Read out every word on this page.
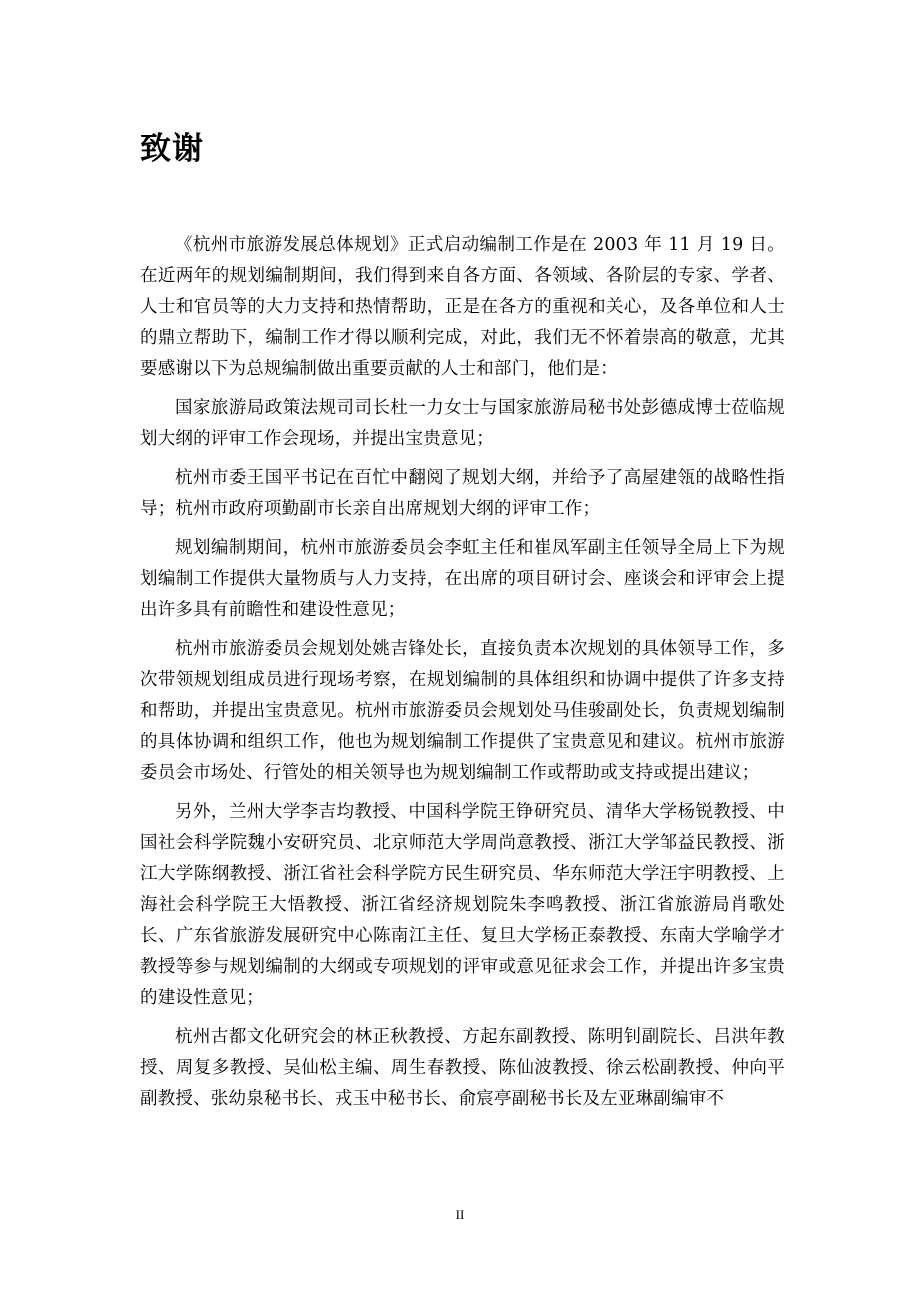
致谢

《杭州市旅游发展总体规划》正式启动编制工作是在 2003 年 11 月 19 日。在近两年的规划编制期间，我们得到来自各方面、各领域、各阶层的专家、学者、人士和官员等的大力支持和热情帮助，正是在各方的重视和关心，及各单位和人士的鼎立帮助下，编制工作才得以顺利完成，对此，我们无不怀着崇高的敬意，尤其要感谢以下为总规编制做出重要贡献的人士和部门，他们是：

国家旅游局政策法规司司长杜一力女士与国家旅游局秘书处彭德成博士莅临规划大纲的评审工作会现场，并提出宝贵意见；

杭州市委王国平书记在百忙中翻阅了规划大纲，并给予了高屋建瓴的战略性指导；杭州市政府项勤副市长亲自出席规划大纲的评审工作；

规划编制期间，杭州市旅游委员会李虹主任和崔凤军副主任领导全局上下为规划编制工作提供大量物质与人力支持，在出席的项目研讨会、座谈会和评审会上提出许多具有前瞻性和建设性意见；

杭州市旅游委员会规划处姚吉锋处长，直接负责本次规划的具体领导工作，多次带领规划组成员进行现场考察，在规划编制的具体组织和协调中提供了许多支持和帮助，并提出宝贵意见。杭州市旅游委员会规划处马佳骏副处长，负责规划编制的具体协调和组织工作，他也为规划编制工作提供了宝贵意见和建议。杭州市旅游委员会市场处、行管处的相关领导也为规划编制工作或帮助或支持或提出建议；

另外，兰州大学李吉均教授、中国科学院王铮研究员、清华大学杨锐教授、中国社会科学院魏小安研究员、北京师范大学周尚意教授、浙江大学邹益民教授、浙江大学陈纲教授、浙江省社会科学院方民生研究员、华东师范大学汪宇明教授、上海社会科学院王大悟教授、浙江省经济规划院朱李鸣教授、浙江省旅游局肖歌处长、广东省旅游发展研究中心陈南江主任、复旦大学杨正泰教授、东南大学喻学才教授等参与规划编制的大纲或专项规划的评审或意见征求会工作，并提出许多宝贵的建设性意见；

杭州古都文化研究会的林正秋教授、方起东副教授、陈明钊副院长、吕洪年教授、周复多教授、吴仙松主编、周生春教授、陈仙波教授、徐云松副教授、仲向平副教授、张幼泉秘书长、戎玉中秘书长、俞宸亭副秘书长及左亚琳副编审不

II
